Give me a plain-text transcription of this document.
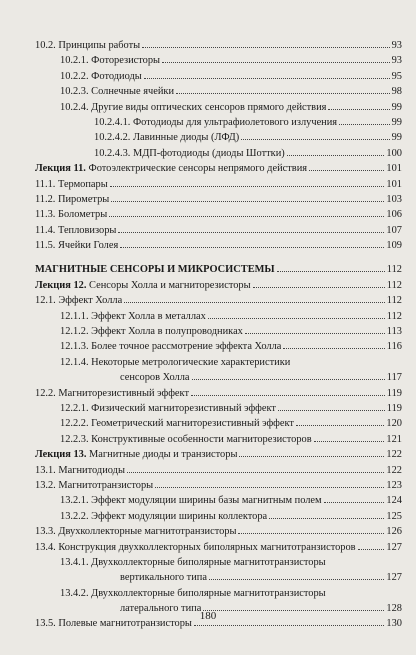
10.2. Принципы работы	93
10.2.1. Фоторезисторы	93
10.2.2. Фотодиоды	95
10.2.3. Солнечные ячейки	98
10.2.4. Другие виды оптических сенсоров прямого действия	99
10.2.4.1. Фотодиоды для ультрафиолетового излучения	99
10.2.4.2. Лавинные диоды (ЛФД)	99
10.2.4.3. МДП-фотодиоды (диоды Шоттки)	100
Лекция 11. Фотоэлектрические сенсоры непрямого действия	101
11.1. Термопары	101
11.2. Пирометры	103
11.3. Болометры	106
11.4. Тепловизоры	107
11.5. Ячейки Голея	109
МАГНИТНЫЕ СЕНСОРЫ И МИКРОСИСТЕМЫ	112
Лекция 12. Сенсоры Холла и магниторезисторы	112
12.1. Эффект Холла	112
12.1.1. Эффект Холла в металлах	112
12.1.2. Эффект Холла в полупроводниках	113
12.1.3. Более точное рассмотрение эффекта Холла	116
12.1.4. Некоторые метрологические характеристики
сенсоров Холла	117
12.2. Магниторезистивный эффект	119
12.2.1. Физический магниторезистивный эффект	119
12.2.2. Геометрический магниторезистивный эффект	120
12.2.3. Конструктивные особенности магниторезисторов	121
Лекция 13. Магнитные диоды и транзисторы	122
13.1. Магнитодиоды	122
13.2. Магнитотранзисторы	123
13.2.1. Эффект модуляции ширины базы магнитным полем	124
13.2.2. Эффект модуляции ширины коллектора	125
13.3. Двухколлекторные магнитотранзисторы	126
13.4. Конструкция двухколлекторных биполярных магнитотранзисторов	127
13.4.1. Двухколлекторные биполярные магнитотранзисторы
вертикального типа	127
13.4.2. Двухколлекторные биполярные магнитотранзисторы
латерального типа	128
13.5. Полевые магнитотранзисторы	130
180
